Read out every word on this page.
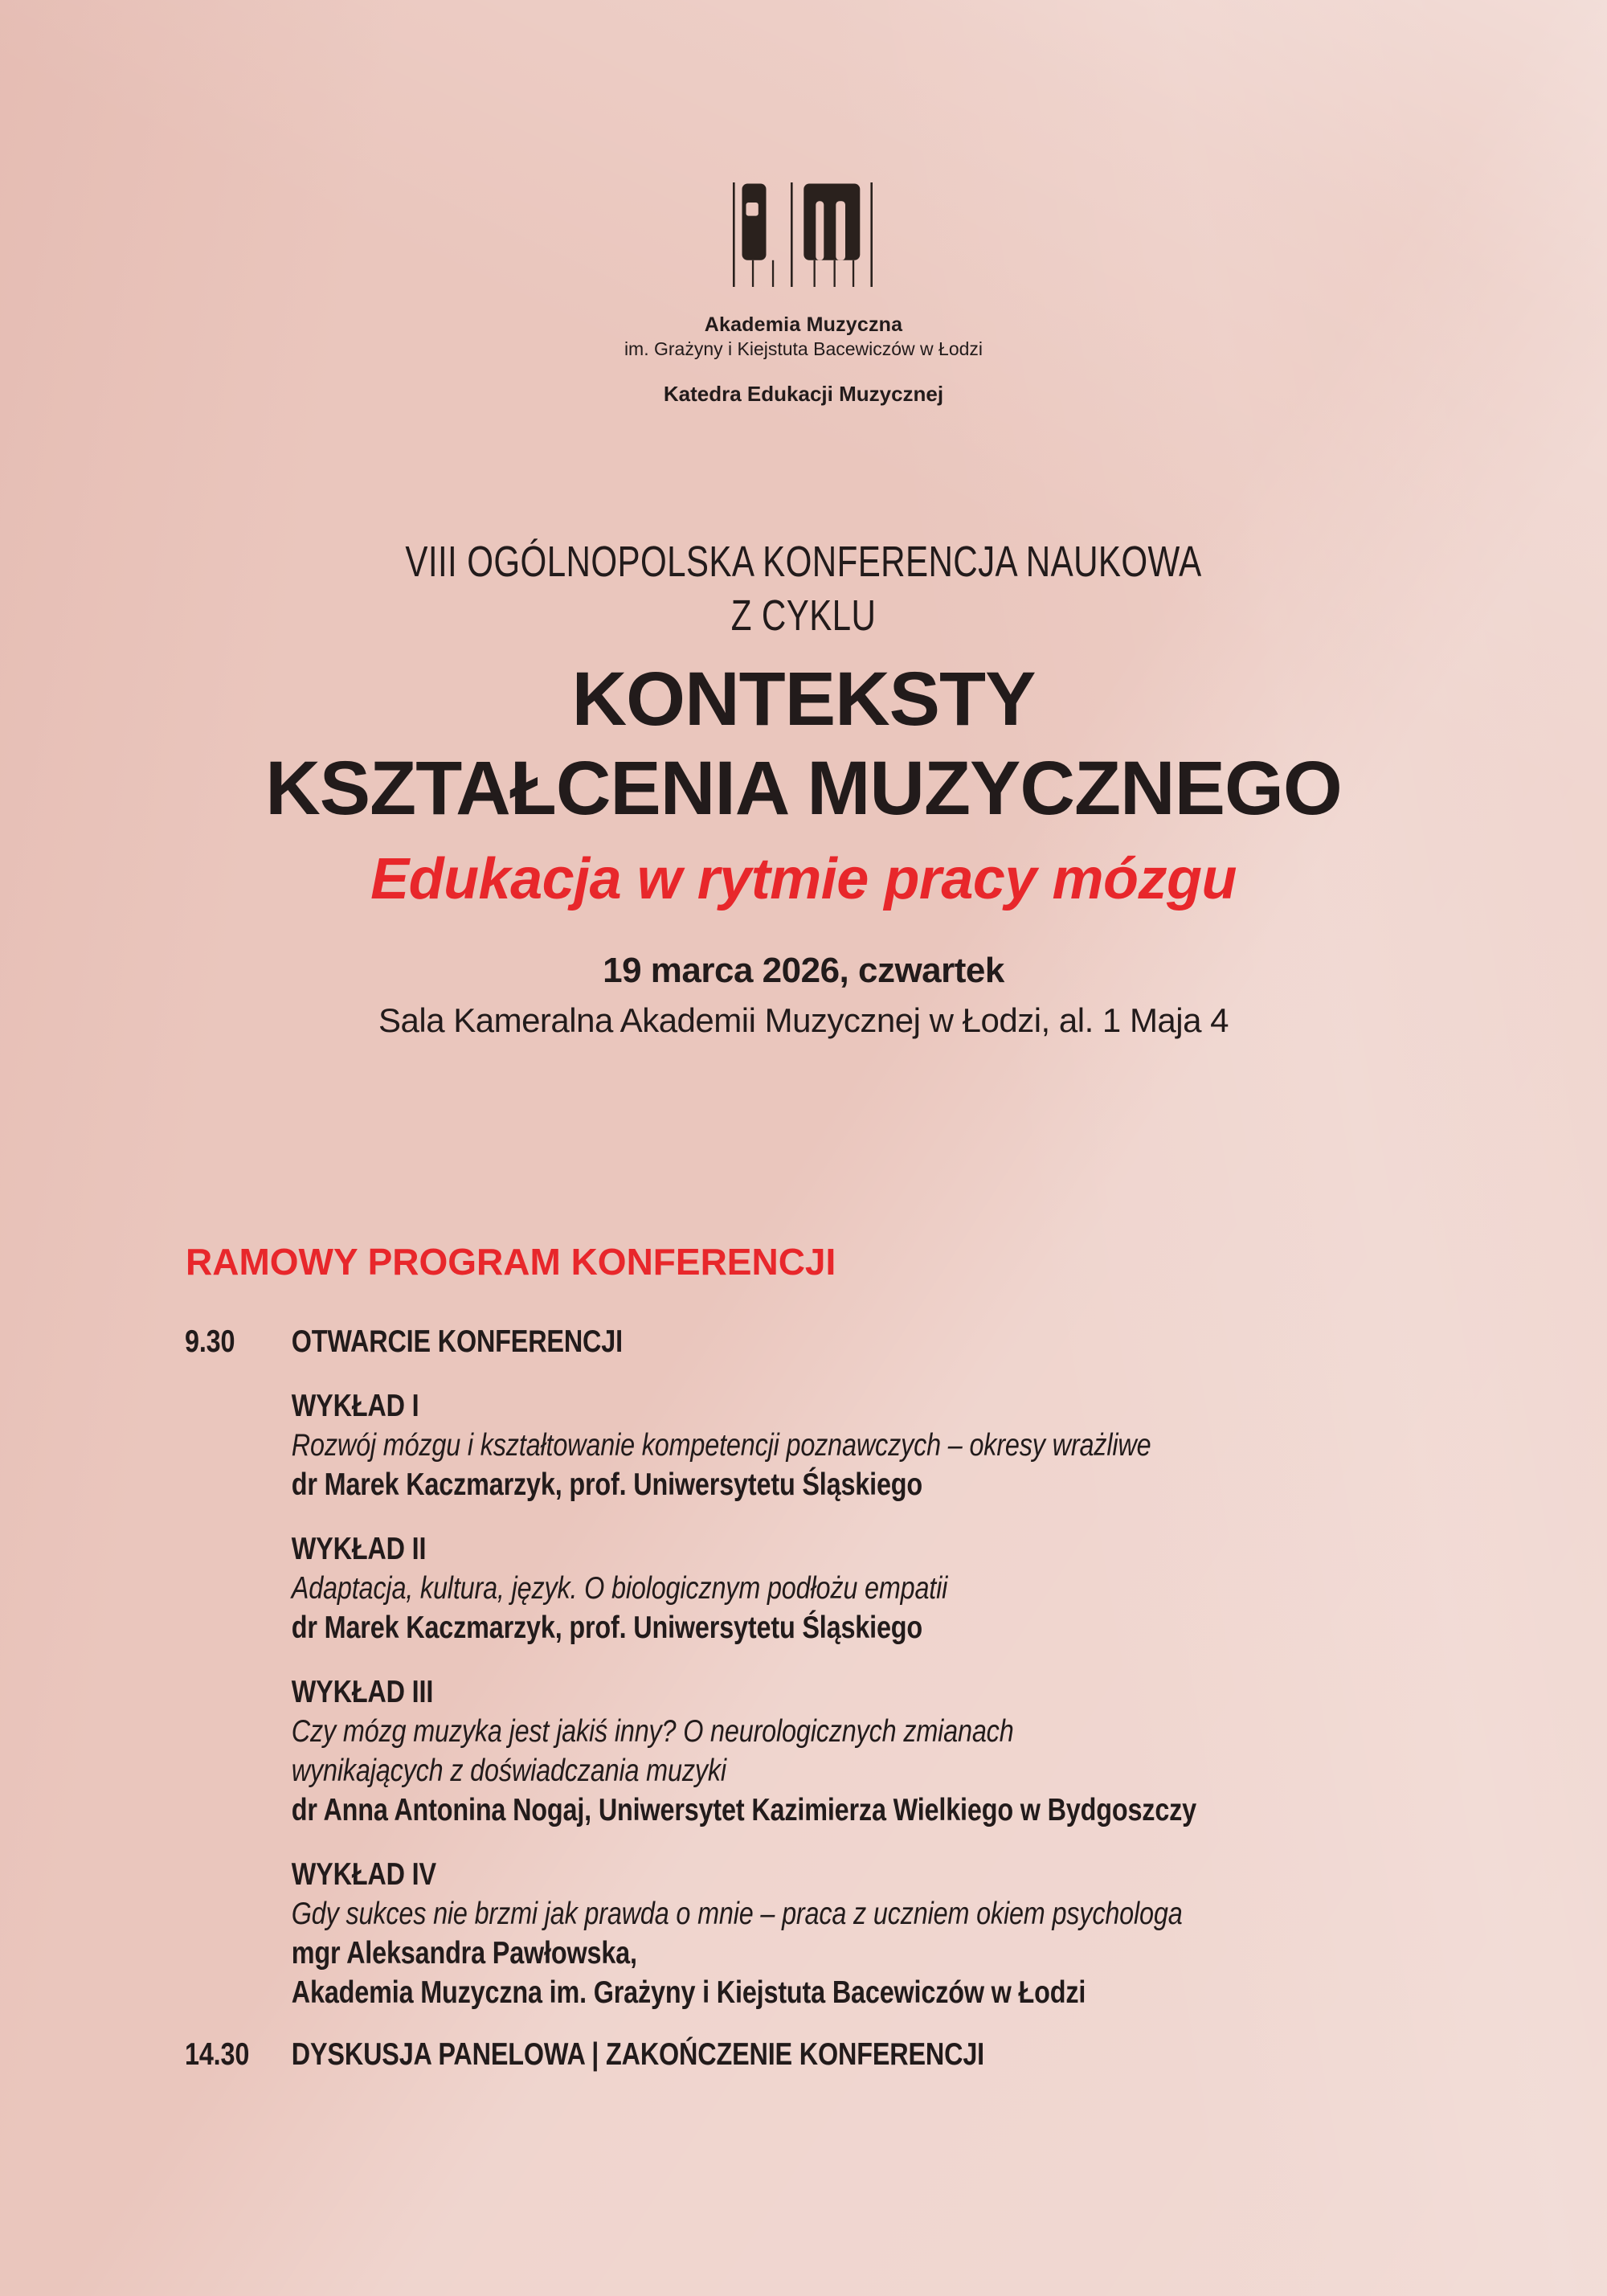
Akademia Muzyczna
im. Grażyny i Kiejstuta Bacewiczów w Łodzi
Katedra Edukacji Muzycznej
VIII OGÓLNOPOLSKA KONFERENCJA NAUKOWA
Z CYKLU
KONTEKSTY
KSZTAŁCENIA MUZYCZNEGO
Edukacja w rytmie pracy mózgu
19 marca 2026, czwartek
Sala Kameralna Akademii Muzycznej w Łodzi, al. 1 Maja 4
RAMOWY PROGRAM KONFERENCJI
9.30	OTWARCIE KONFERENCJI
WYKŁAD I
Rozwój mózgu i kształtowanie kompetencji poznawczych – okresy wrażliwe
dr Marek Kaczmarzyk, prof. Uniwersytetu Śląskiego
WYKŁAD II
Adaptacja, kultura, język. O biologicznym podłożu empatii
dr Marek Kaczmarzyk, prof. Uniwersytetu Śląskiego
WYKŁAD III
Czy mózg muzyka jest jakiś inny? O neurologicznych zmianach
wynikających z doświadczania muzyki
dr Anna Antonina Nogaj, Uniwersytet Kazimierza Wielkiego w Bydgoszczy
WYKŁAD IV
Gdy sukces nie brzmi jak prawda o mnie – praca z uczniem okiem psychologa
mgr Aleksandra Pawłowska,
Akademia Muzyczna im. Grażyny i Kiejstuta Bacewiczów w Łodzi
14.30	DYSKUSJA PANELOWA | ZAKOŃCZENIE KONFERENCJI
